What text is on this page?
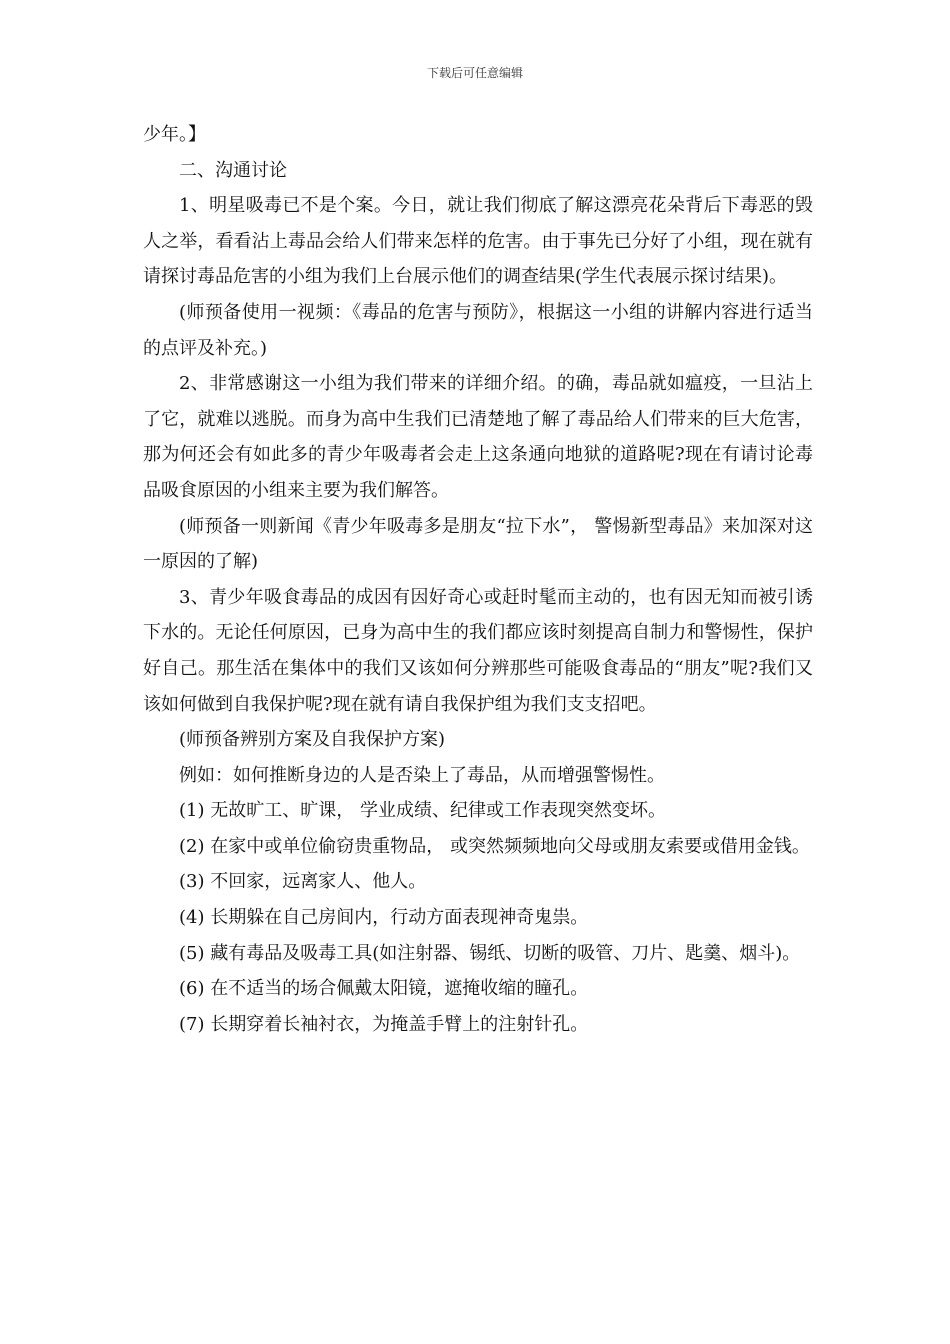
下载后可任意编辑

少年。】

二、沟通讨论

1、明星吸毒已不是个案。今日，就让我们彻底了解这漂亮花朵背后下毒恶的毁人之举，看看沾上毒品会给人们带来怎样的危害。由于事先已分好了小组，现在就有请探讨毒品危害的小组为我们上台展示他们的调查结果(学生代表展示探讨结果)。

(师预备使用一视频：《毒品的危害与预防》，根据这一小组的讲解内容进行适当的点评及补充。)

2、非常感谢这一小组为我们带来的详细介绍。的确，毒品就如瘟疫，一旦沾上了它，就难以逃脱。而身为高中生我们已清楚地了解了毒品给人们带来的巨大危害，那为何还会有如此多的青少年吸毒者会走上这条通向地狱的道路呢?现在有请讨论毒品吸食原因的小组来主要为我们解答。

(师预备一则新闻《青少年吸毒多是朋友“拉下水”， 警惕新型毒品》来加深对这一原因的了解)

3、青少年吸食毒品的成因有因好奇心或赶时髦而主动的，也有因无知而被引诱下水的。无论任何原因，已身为高中生的我们都应该时刻提高自制力和警惕性，保护好自己。那生活在集体中的我们又该如何分辨那些可能吸食毒品的“朋友”呢?我们又该如何做到自我保护呢?现在就有请自我保护组为我们支支招吧。

(师预备辨别方案及自我保护方案)

例如：如何推断身边的人是否染上了毒品，从而增强警惕性。

(1) 无故旷工、旷课， 学业成绩、纪律或工作表现突然变坏。

(2) 在家中或单位偷窃贵重物品， 或突然频频地向父母或朋友索要或借用金钱。

(3) 不回家，远离家人、他人。

(4) 长期躲在自己房间内，行动方面表现神奇鬼祟。

(5) 藏有毒品及吸毒工具(如注射器、锡纸、切断的吸管、刀片、匙羹、烟斗)。

(6) 在不适当的场合佩戴太阳镜，遮掩收缩的瞳孔。

(7) 长期穿着长袖衬衣，为掩盖手臂上的注射针孔。
